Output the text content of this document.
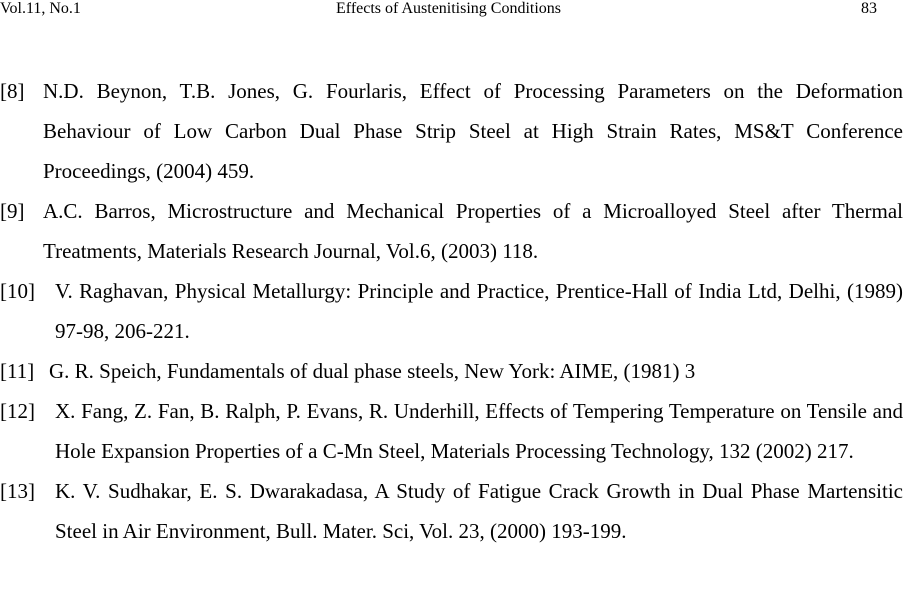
Vol.11, No.1	Effects of Austenitising Conditions	83
[8] N.D. Beynon, T.B. Jones, G. Fourlaris, Effect of Processing Parameters on the Deformation Behaviour of Low Carbon Dual Phase Strip Steel at High Strain Rates, MS&T Conference Proceedings, (2004) 459.
[9] A.C. Barros, Microstructure and Mechanical Properties of a Microalloyed Steel after Thermal Treatments, Materials Research Journal, Vol.6, (2003) 118.
[10] V. Raghavan, Physical Metallurgy: Principle and Practice, Prentice-Hall of India Ltd, Delhi, (1989) 97-98, 206-221.
[11] G. R. Speich, Fundamentals of dual phase steels, New York: AIME, (1981) 3
[12] X. Fang, Z. Fan, B. Ralph, P. Evans, R. Underhill, Effects of Tempering Temperature on Tensile and Hole Expansion Properties of a C-Mn Steel, Materials Processing Technology, 132 (2002) 217.
[13] K. V. Sudhakar, E. S. Dwarakadasa, A Study of Fatigue Crack Growth in Dual Phase Martensitic Steel in Air Environment, Bull. Mater. Sci, Vol. 23, (2000) 193-199.
